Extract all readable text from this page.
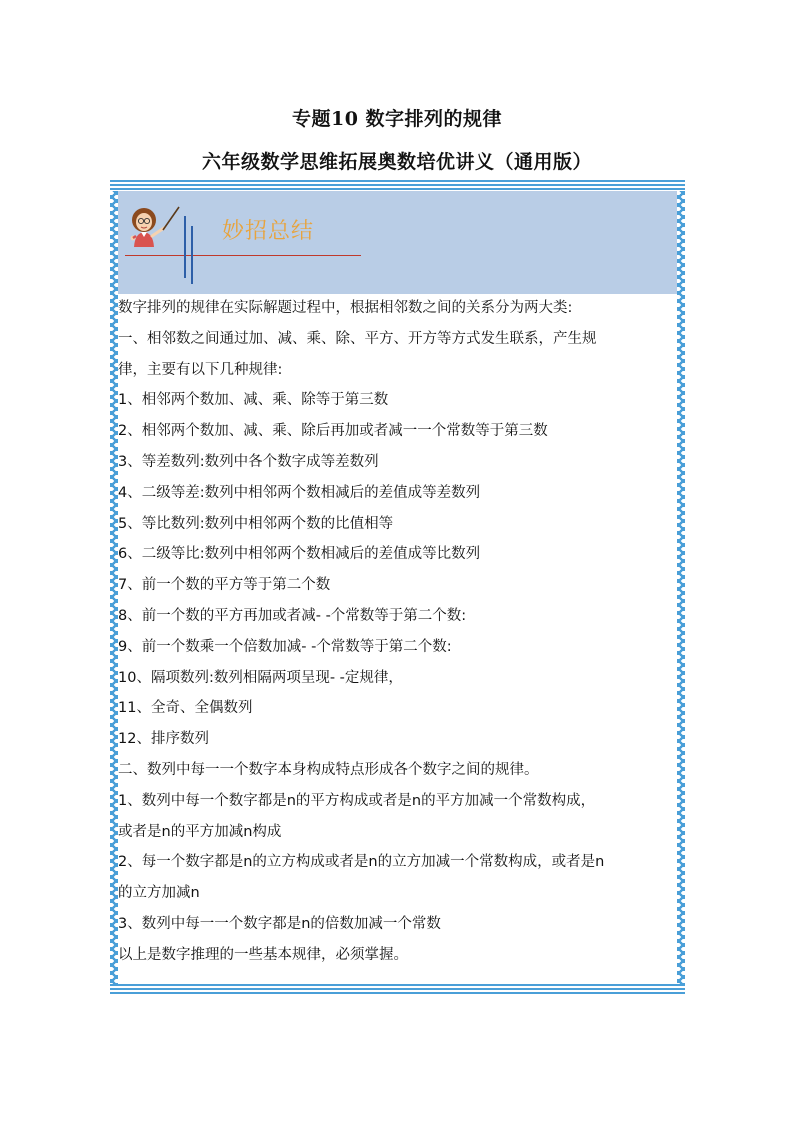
专题10 数字排列的规律
六年级数学思维拓展奥数培优讲义（通用版）
妙招总结
数字排列的规律在实际解题过程中，根据相邻数之间的关系分为两大类:
一、相邻数之间通过加、减、乘、除、平方、开方等方式发生联系，产生规
律，主要有以下几种规律:
1、相邻两个数加、减、乘、除等于第三数
2、相邻两个数加、减、乘、除后再加或者减一一个常数等于第三数
3、等差数列:数列中各个数字成等差数列
4、二级等差:数列中相邻两个数相减后的差值成等差数列
5、等比数列:数列中相邻两个数的比值相等
6、二级等比:数列中相邻两个数相减后的差值成等比数列
7、前一个数的平方等于第二个数
8、前一个数的平方再加或者减- -个常数等于第二个数:
9、前一个数乘一个倍数加减- -个常数等于第二个数:
10、隔项数列:数列相隔两项呈现- -定规律，
11、全奇、全偶数列
12、排序数列
二、数列中每一一个数字本身构成特点形成各个数字之间的规律。
1、数列中每一个数字都是n的平方构成或者是n的平方加减一个常数构成，
或者是n的平方加减n构成
2、每一个数字都是n的立方构成或者是n的立方加减一个常数构成，或者是n
的立方加减n
3、数列中每一一个数字都是n的倍数加减一个常数
以上是数字推理的一些基本规律，必须掌握。
